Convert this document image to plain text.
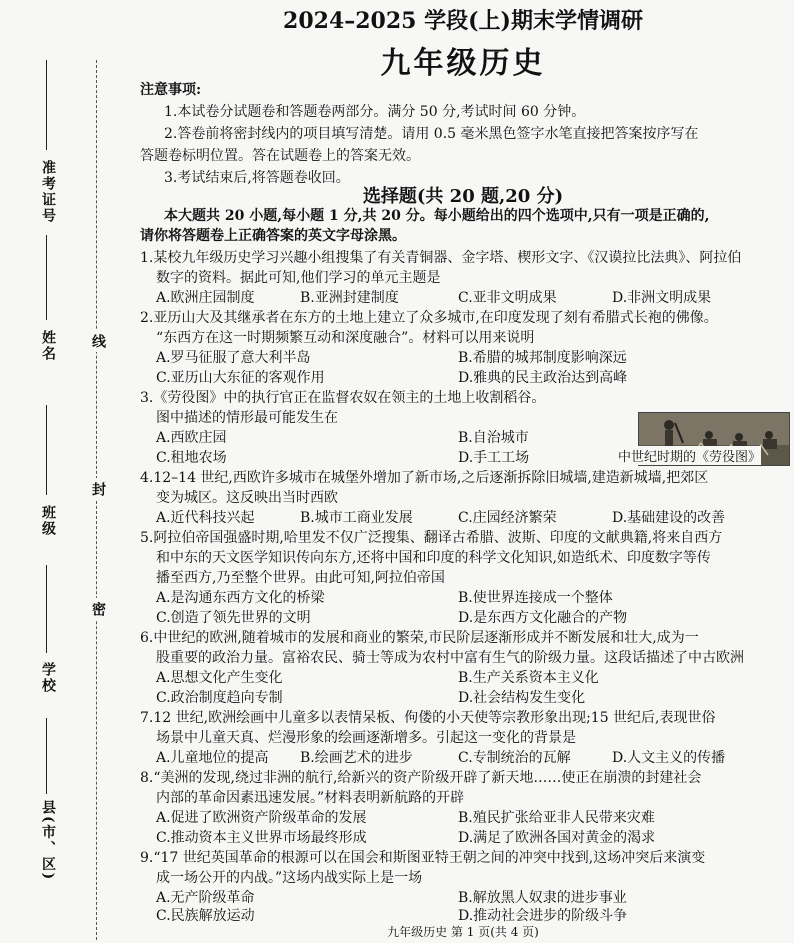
准考证号
姓名
班级
学校
县(市、区)
线
封
密
2024–2025 学段(上)期末学情调研
九年级历史
注意事项:
1.本试卷分试题卷和答题卷两部分。满分 50 分,考试时间 60 分钟。
2.答卷前将密封线内的项目填写清楚。请用 0.5 毫米黑色签字水笔直接把答案按序写在
答题卷标明位置。答在试题卷上的答案无效。
3.考试结束后,将答题卷收回。
选择题(共 20 题,20 分)
本大题共 20 小题,每小题 1 分,共 20 分。每小题给出的四个选项中,只有一项是正确的,
请你将答题卷上正确答案的英文字母涂黑。
1.某校九年级历史学习兴趣小组搜集了有关青铜器、金字塔、楔形文字、《汉谟拉比法典》、阿拉伯
数字的资料。据此可知,他们学习的单元主题是
A.欧洲庄园制度	B.亚洲封建制度	C.亚非文明成果	D.非洲文明成果
2.亚历山大及其继承者在东方的土地上建立了众多城市,在印度发现了刻有希腊式长袍的佛像。
“东西方在这一时期频繁互动和深度融合”。材料可以用来说明
A.罗马征服了意大利半岛	B.希腊的城邦制度影响深远
C.亚历山大东征的客观作用	D.雅典的民主政治达到高峰
3.《劳役图》中的执行官正在监督农奴在领主的土地上收割稻谷。
图中描述的情形最可能发生在
A.西欧庄园	B.自治城市
C.租地农场	D.手工工场	中世纪时期的《劳役图》
4.12–14 世纪,西欧许多城市在城堡外增加了新市场,之后逐渐拆除旧城墙,建造新城墙,把郊区
变为城区。这反映出当时西欧
A.近代科技兴起	B.城市工商业发展	C.庄园经济繁荣	D.基础建设的改善
5.阿拉伯帝国强盛时期,哈里发不仅广泛搜集、翻译古希腊、波斯、印度的文献典籍,将来自西方
和中东的天文医学知识传向东方,还将中国和印度的科学文化知识,如造纸术、印度数字等传
播至西方,乃至整个世界。由此可知,阿拉伯帝国
A.是沟通东西方文化的桥梁	B.使世界连接成一个整体
C.创造了领先世界的文明	D.是东西方文化融合的产物
6.中世纪的欧洲,随着城市的发展和商业的繁荣,市民阶层逐渐形成并不断发展和壮大,成为一
股重要的政治力量。富裕农民、骑士等成为农村中富有生气的阶级力量。这段话描述了中古欧洲
A.思想文化产生变化	B.生产关系资本主义化
C.政治制度趋向专制	D.社会结构发生变化
7.12 世纪,欧洲绘画中儿童多以表情呆板、佝偻的小天使等宗教形象出现;15 世纪后,表现世俗
场景中儿童天真、烂漫形象的绘画逐渐增多。引起这一变化的背景是
A.儿童地位的提高 B.绘画艺术的进步	C.专制统治的瓦解	D.人文主义的传播
8.“美洲的发现,绕过非洲的航行,给新兴的资产阶级开辟了新天地……使正在崩溃的封建社会
内部的革命因素迅速发展。”材料表明新航路的开辟
A.促进了欧洲资产阶级革命的发展	B.殖民扩张给亚非人民带来灾难
C.推动资本主义世界市场最终形成	D.满足了欧洲各国对黄金的渴求
9.“17 世纪英国革命的根源可以在国会和斯图亚特王朝之间的冲突中找到,这场冲突后来演变
成一场公开的内战。”这场内战实际上是一场
A.无产阶级革命	B.解放黑人奴隶的进步事业
C.民族解放运动	D.推动社会进步的阶级斗争
九年级历史 第 1 页(共 4 页)
